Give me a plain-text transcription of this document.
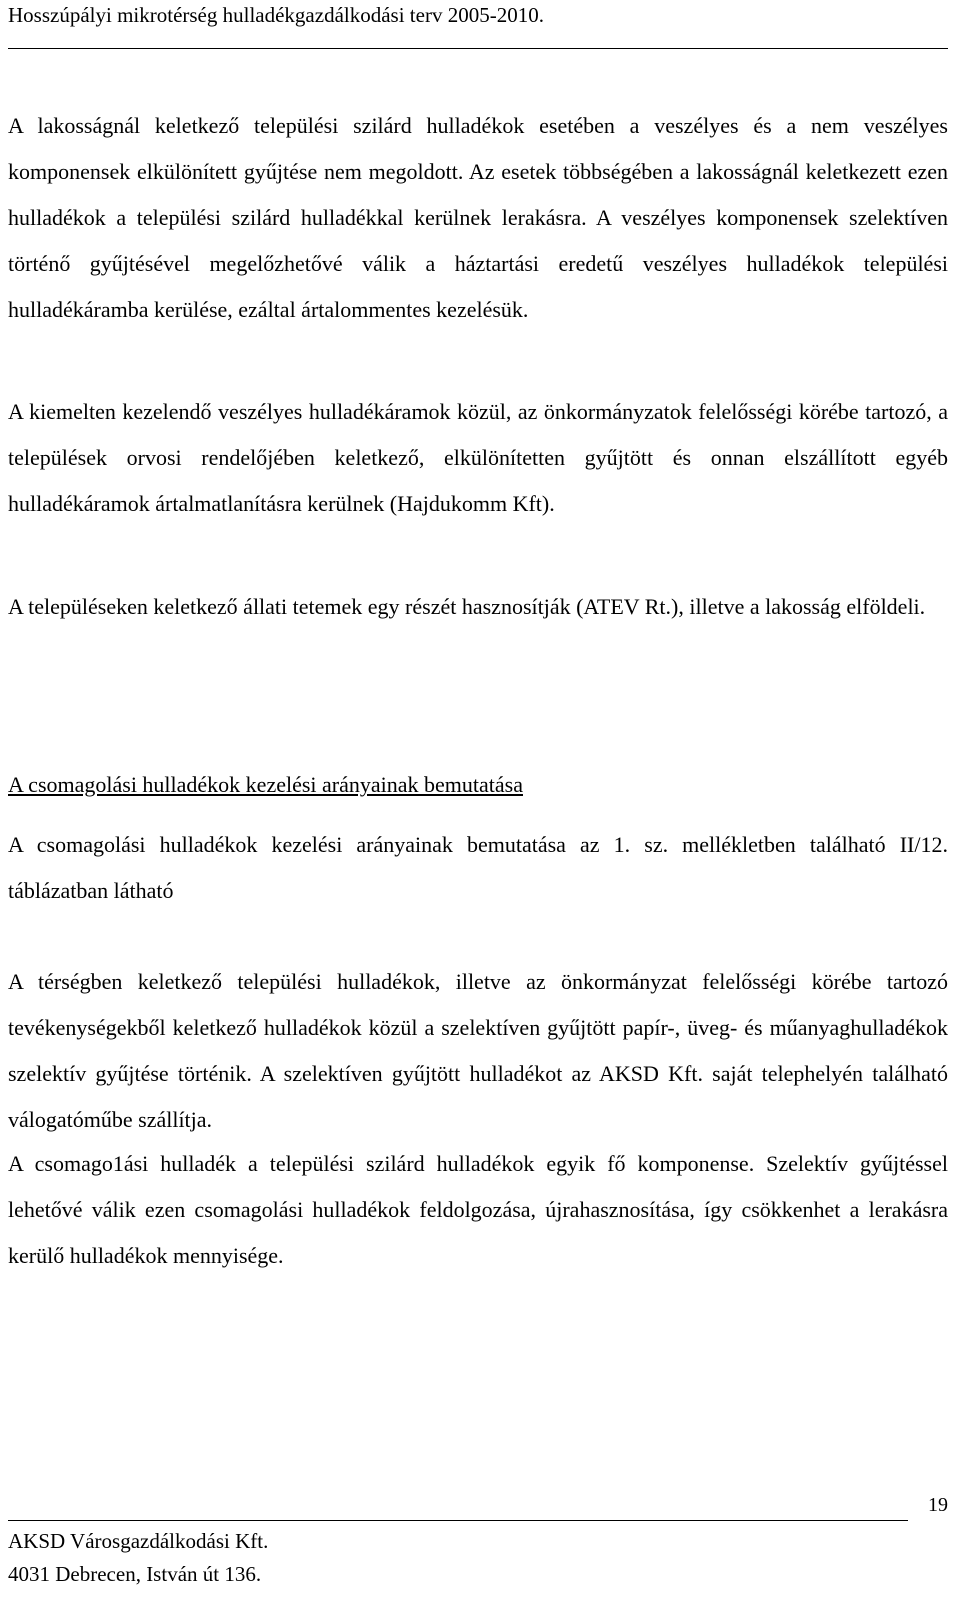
Hosszúpályi mikrotérség hulladékgazdálkodási terv 2005-2010.

A lakosságnál keletkező települési szilárd hulladékok esetében a veszélyes és a nem veszélyes komponensek elkülönített gyűjtése nem megoldott. Az esetek többségében a lakosságnál keletkezett ezen hulladékok a települési szilárd hulladékkal kerülnek lerakásra. A veszélyes komponensek szelektíven történő gyűjtésével megelőzhetővé válik a háztartási eredetű veszélyes hulladékok települési hulladékáramba kerülése, ezáltal ártalommentes kezelésük.

A kiemelten kezelendő veszélyes hulladékáramok közül, az önkormányzatok felelősségi körébe tartozó, a települések orvosi rendelőjében keletkező, elkülönítetten gyűjtött és onnan elszállított egyéb hulladékáramok ártalmatlanításra kerülnek (Hajdukomm Kft).

A településeken keletkező állati tetemek egy részét hasznosítják (ATEV Rt.), illetve a lakosság elföldeli.

A csomagolási hulladékok kezelési arányainak bemutatása

A csomagolási hulladékok kezelési arányainak bemutatása az 1. sz. mellékletben található II/12. táblázatban látható

A térségben keletkező települési hulladékok, illetve az önkormányzat felelősségi körébe tartozó tevékenységekből keletkező hulladékok közül a szelektíven gyűjtött papír-, üveg- és műanyaghulladékok szelektív gyűjtése történik. A szelektíven gyűjtött hulladékot az AKSD Kft. saját telephelyén található válogatóműbe szállítja.

A csomago1ási hulladék a települési szilárd hulladékok egyik fő komponense. Szelektív gyűjtéssel lehetővé válik ezen csomagolási hulladékok feldolgozása, újrahasznosítása, így csökkenhet a lerakásra kerülő hulladékok mennyisége.

19
AKSD Városgazdálkodási Kft.
4031 Debrecen, István út 136.
